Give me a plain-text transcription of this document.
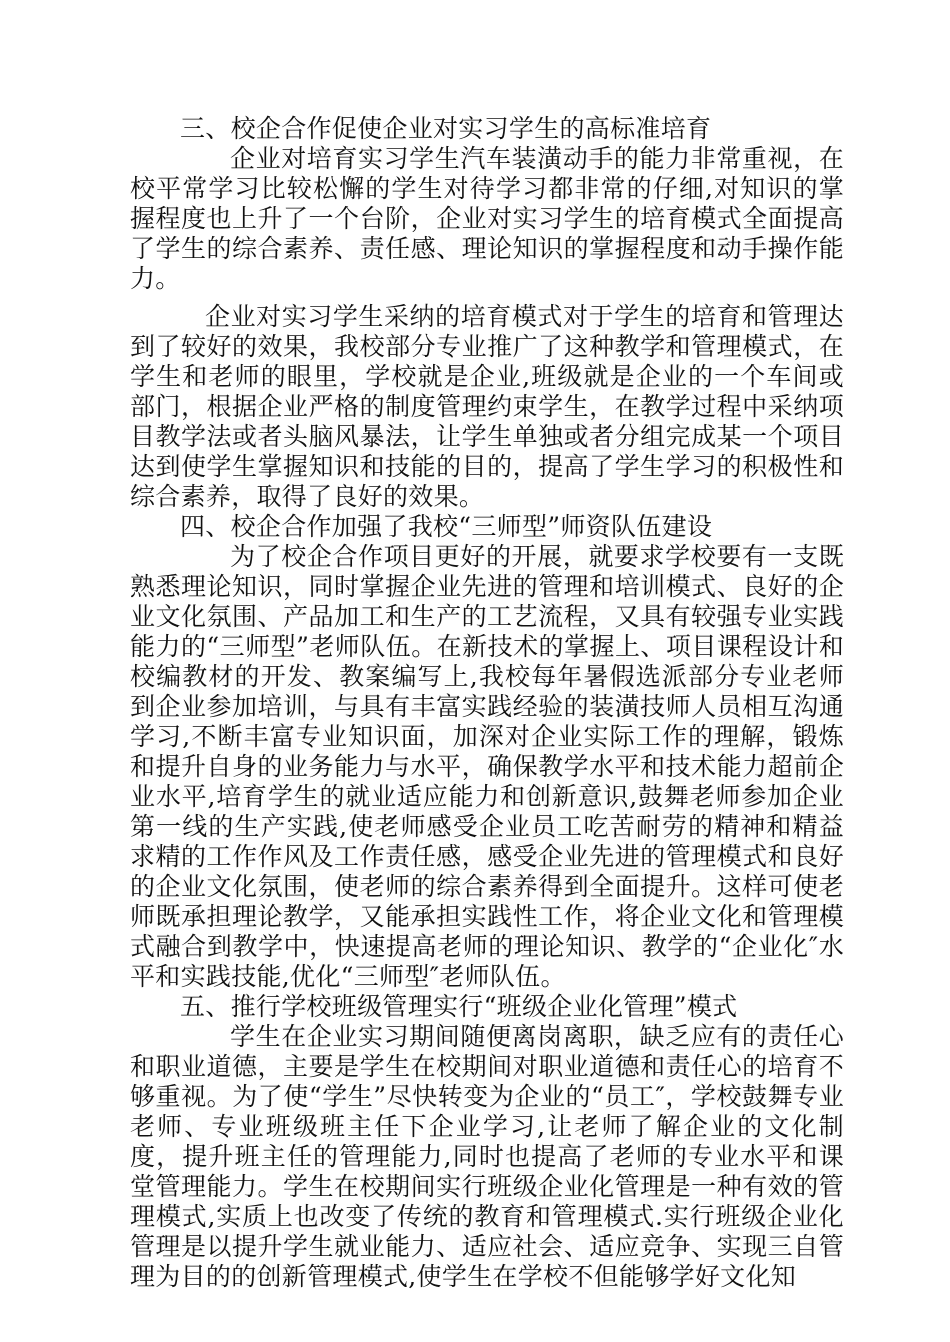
三、校企合作促使企业对实习学生的高标准培育

企业对培育实习学生汽车装潢动手的能力非常重视，在校平常学习比较松懈的学生对待学习都非常的仔细,对知识的掌握程度也上升了一个台阶，企业对实习学生的培育模式全面提高了学生的综合素养、责任感、理论知识的掌握程度和动手操作能力。

企业对实习学生采纳的培育模式对于学生的培育和管理达到了较好的效果，我校部分专业推广了这种教学和管理模式，在学生和老师的眼里，学校就是企业,班级就是企业的一个车间或部门，根据企业严格的制度管理约束学生，在教学过程中采纳项目教学法或者头脑风暴法，让学生单独或者分组完成某一个项目达到使学生掌握知识和技能的目的，提高了学生学习的积极性和综合素养，取得了良好的效果。

四、校企合作加强了我校“三师型”师资队伍建设

为了校企合作项目更好的开展，就要求学校要有一支既熟悉理论知识，同时掌握企业先进的管理和培训模式、良好的企业文化氛围、产品加工和生产的工艺流程，又具有较强专业实践能力的“三师型”老师队伍。在新技术的掌握上、项目课程设计和校编教材的开发、教案编写上,我校每年暑假选派部分专业老师到企业参加培训，与具有丰富实践经验的装潢技师人员相互沟通学习,不断丰富专业知识面，加深对企业实际工作的理解，锻炼和提升自身的业务能力与水平，确保教学水平和技术能力超前企业水平,培育学生的就业适应能力和创新意识,鼓舞老师参加企业第一线的生产实践,使老师感受企业员工吃苦耐劳的精神和精益求精的工作作风及工作责任感，感受企业先进的管理模式和良好的企业文化氛围，使老师的综合素养得到全面提升。这样可使老师既承担理论教学，又能承担实践性工作，将企业文化和管理模式融合到教学中，快速提高老师的理论知识、教学的“企业化″水平和实践技能,优化“三师型″老师队伍。

五、推行学校班级管理实行“班级企业化管理”模式

学生在企业实习期间随便离岗离职，缺乏应有的责任心和职业道德，主要是学生在校期间对职业道德和责任心的培育不够重视。为了使“学生”尽快转变为企业的“员工″，学校鼓舞专业老师、专业班级班主任下企业学习,让老师了解企业的文化制度，提升班主任的管理能力,同时也提高了老师的专业水平和课堂管理能力。学生在校期间实行班级企业化管理是一种有效的管理模式,实质上也改变了传统的教育和管理模式.实行班级企业化管理是以提升学生就业能力、适应社会、适应竞争、实现三自管理为目的的创新管理模式,使学生在学校不但能够学好文化知
